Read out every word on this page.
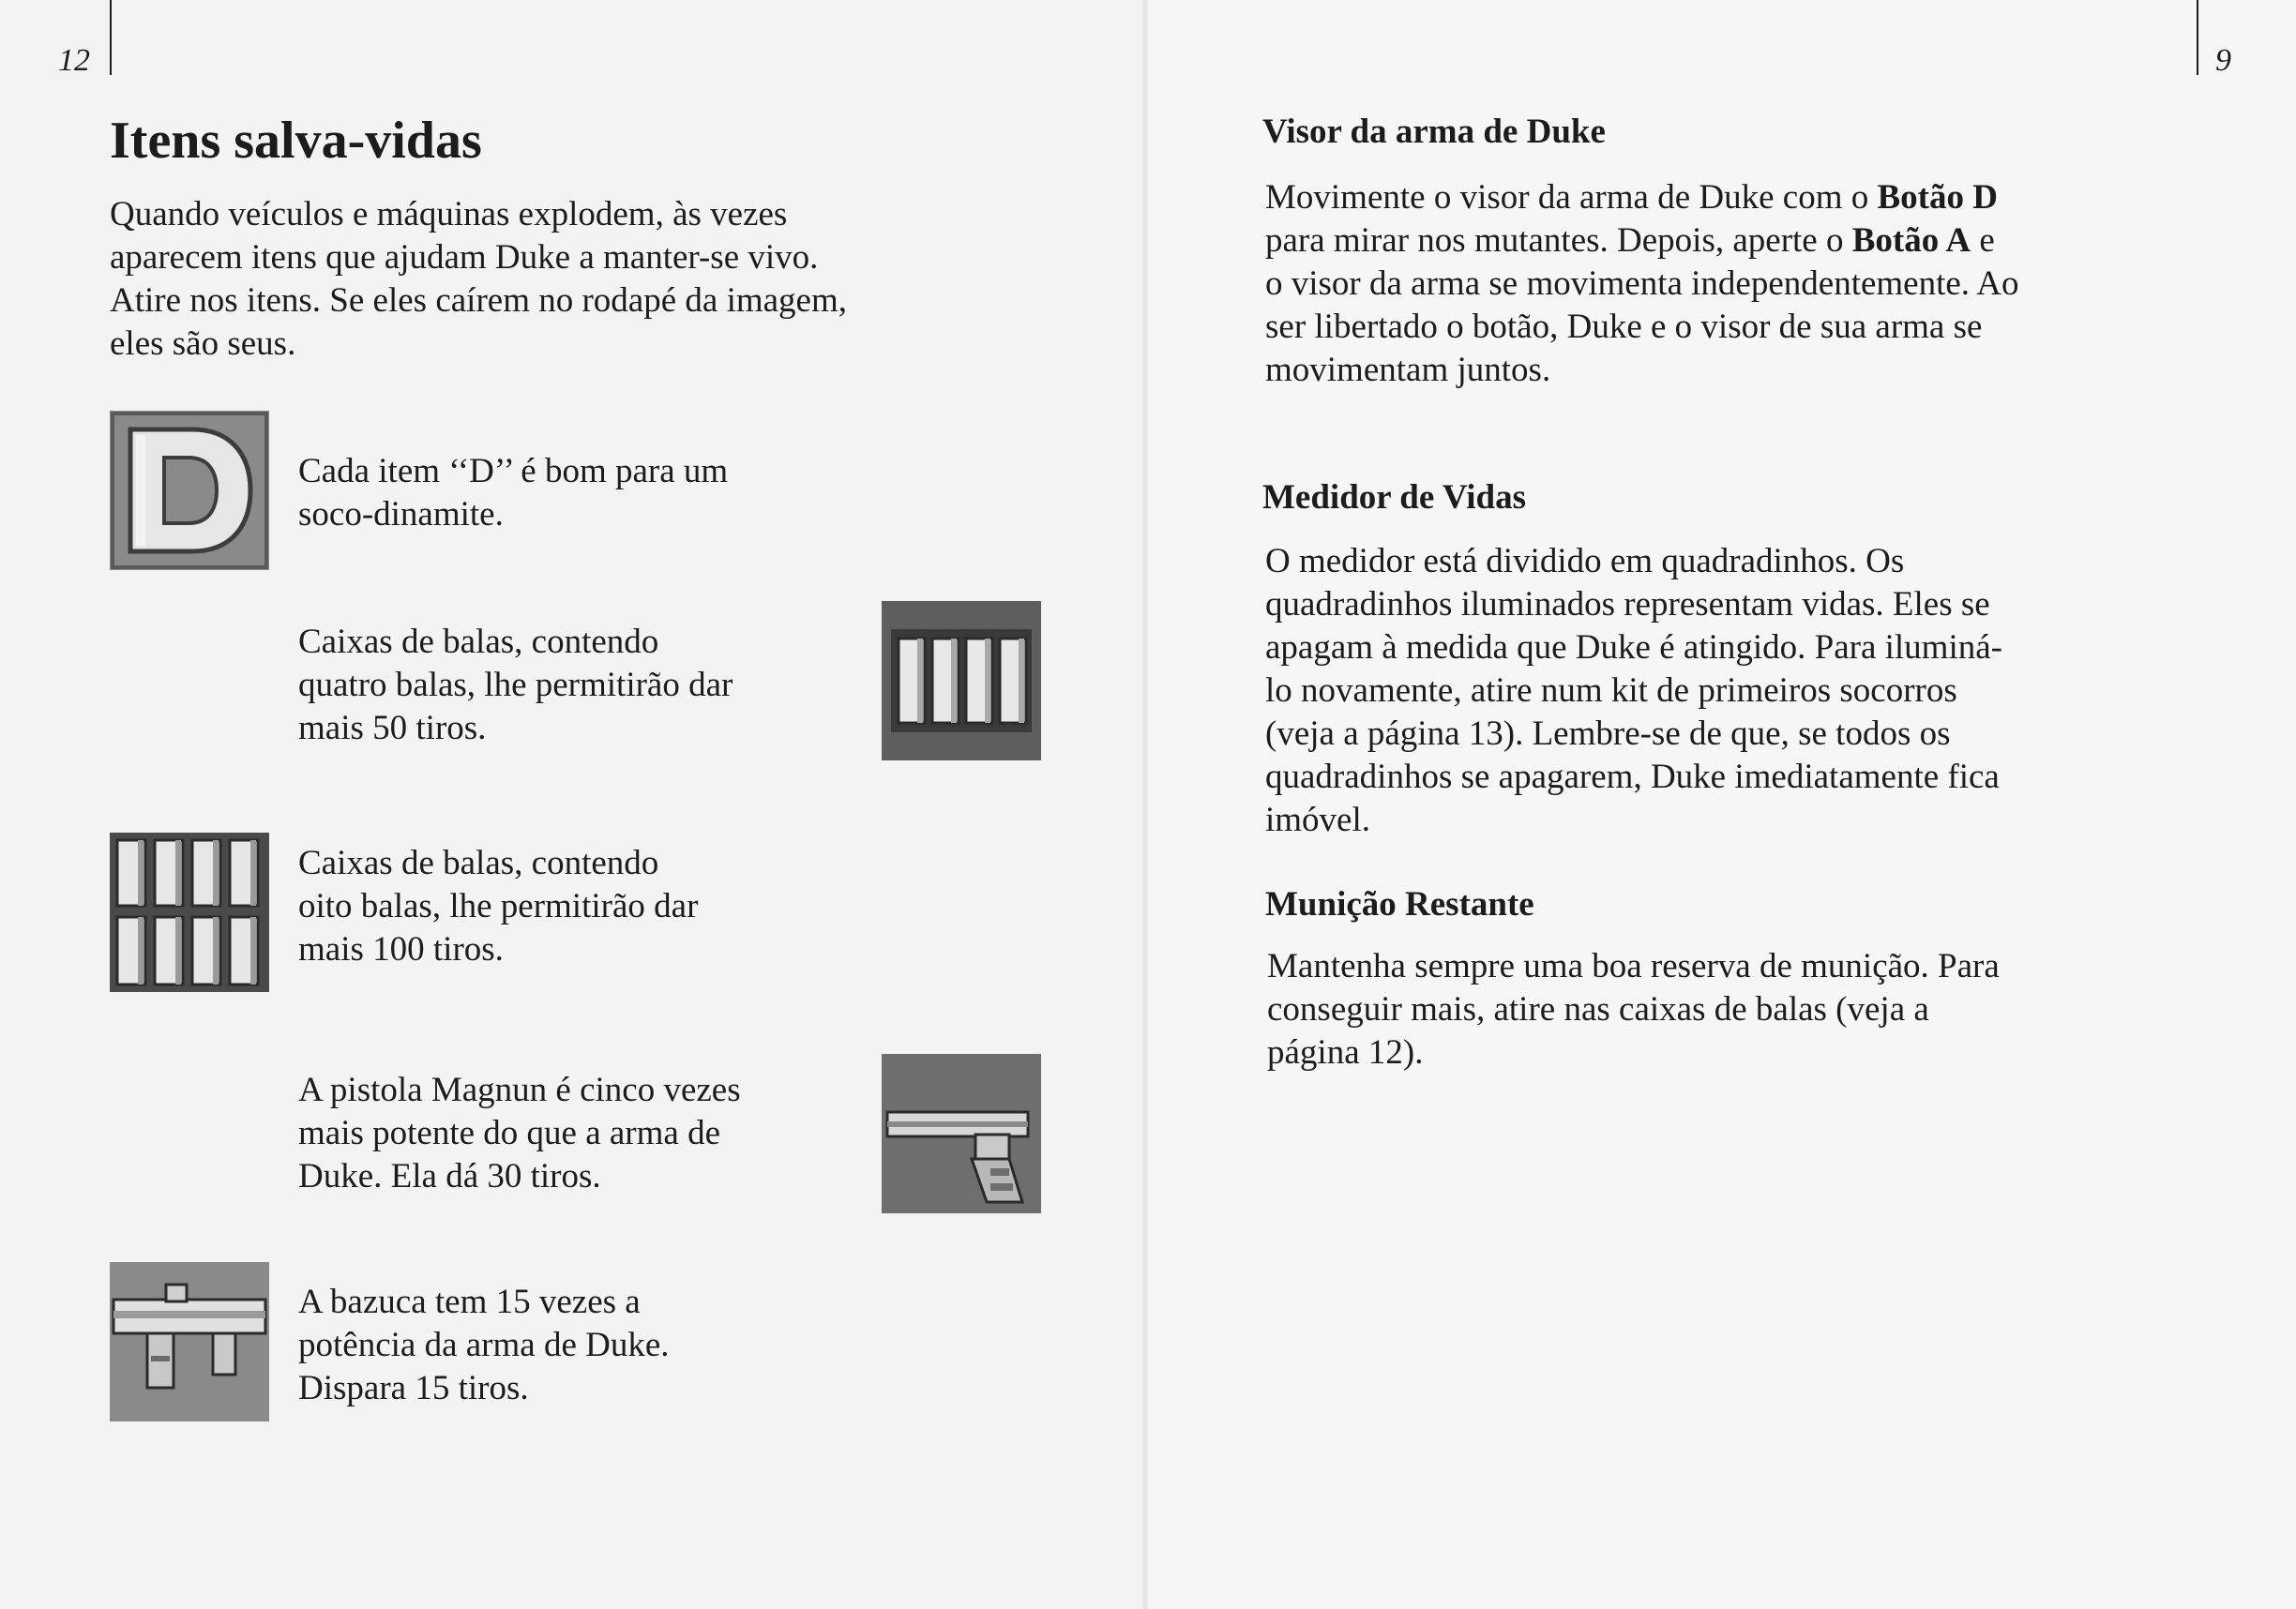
12	9
Itens salva-vidas

Quando veículos e máquinas explodem, às vezes

aparecem itens que ajudam Duke a manter-se vivo.

Atire nos itens. Se eles caírem no rodapé da imagem,

eles são seus.

Cada item ‘‘D’’ é bom para um

soco-dinamite.

Caixas de balas, contendo

quatro balas, lhe permitirão dar

mais 50 tiros.

Caixas de balas, contendo

oito balas, lhe permitirão dar

mais 100 tiros.

A pistola Magnun é cinco vezes

mais potente do que a arma de

Duke. Ela dá 30 tiros.

A bazuca tem 15 vezes a

potência da arma de Duke.

Dispara 15 tiros.

Visor da arma de Duke

Movimente o visor da arma de Duke com o Botão D

para mirar nos mutantes. Depois, aperte o Botão A e

o visor da arma se movimenta independentemente. Ao

ser libertado o botão, Duke e o visor de sua arma se

movimentam juntos.

Medidor de Vidas

O medidor está dividido em quadradinhos. Os

quadradinhos iluminados representam vidas. Eles se

apagam à medida que Duke é atingido. Para iluminá-

lo novamente, atire num kit de primeiros socorros

(veja a página 13). Lembre-se de que, se todos os

quadradinhos se apagarem, Duke imediatamente fica

imóvel.

Munição Restante

Mantenha sempre uma boa reserva de munição. Para

conseguir mais, atire nas caixas de balas (veja a

página 12).
